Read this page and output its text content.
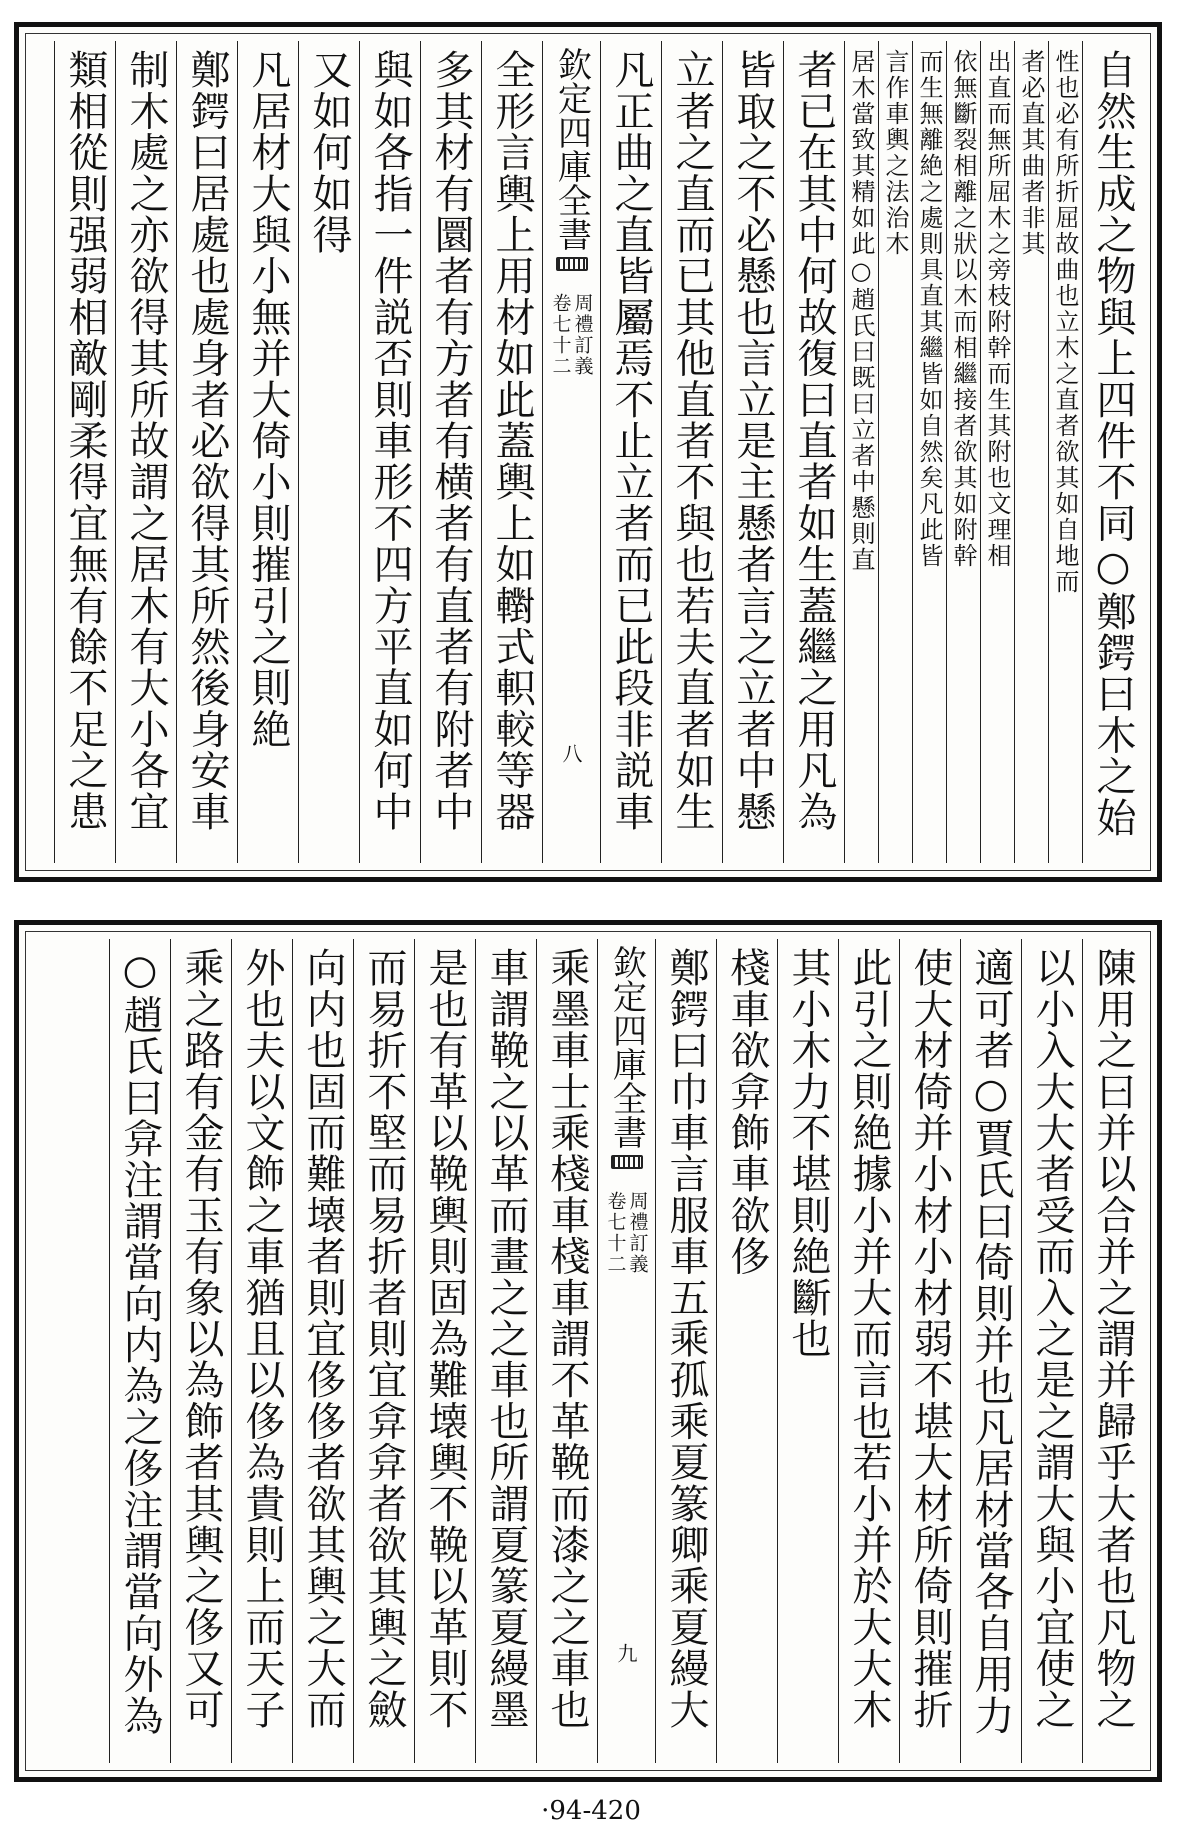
自然生成之物與上四件不同○鄭鍔曰木之始
性也必有所折屈故曲也立木之直者欲其如自地而
者必直其曲者非其
出直而無所屈木之旁枝附幹而生其附也文理相
依無斷裂相離之狀以木而相繼接者欲其如附幹
而生無離絶之處則具直其繼皆如自然矣凡此皆
言作車輿之法治木
居木當致其精如此○趙氏曰既曰立者中懸則直
者已在其中何故復曰直者如生蓋繼之用凡為
皆取之不必懸也言立是主懸者言之立者中懸
立者之直而已其他直者不與也若夫直者如生
凡正曲之直皆屬焉不止立者而已此段非説車
欽定四庫全書
周禮訂義
卷七十二
八
全形言輿上用材如此蓋輿上如轛式軹較等器
多其材有圜者有方者有横者有直者有附者中
與如各指一件説否則車形不四方平直如何中
又如何如得
凡居材大與小無并大倚小則摧引之則絶
鄭鍔曰居處也處身者必欲得其所然後身安車
制木處之亦欲得其所故謂之居木有大小各宜
類相從則强弱相敵剛柔得宜無有餘不足之患
陳用之曰并以合并之謂并歸乎大者也凡物之
以小入大大者受而入之是之謂大與小宜使之
適可者○賈氏曰倚則并也凡居材當各自用力
使大材倚并小材小材弱不堪大材所倚則摧折
此引之則絶據小并大而言也若小并於大大木
其小木力不堪則絶斷也
棧車欲弇飾車欲侈
鄭鍔曰巾車言服車五乘孤乘夏篆卿乘夏縵大
欽定四庫全書
周禮訂義
卷七十二
九
乘墨車士乘棧車棧車謂不革鞔而漆之之車也
車謂鞔之以革而畫之之車也所謂夏篆夏縵墨
是也有革以鞔輿則固為難壊輿不鞔以革則不
而易折不堅而易折者則宜弇弇者欲其輿之斂
向内也固而難壊者則宜侈侈者欲其輿之大而
外也夫以文飾之車猶且以侈為貴則上而天子
乘之路有金有玉有象以為飾者其輿之侈又可
○趙氏曰弇注謂當向内為之侈注謂當向外為
·94-420
